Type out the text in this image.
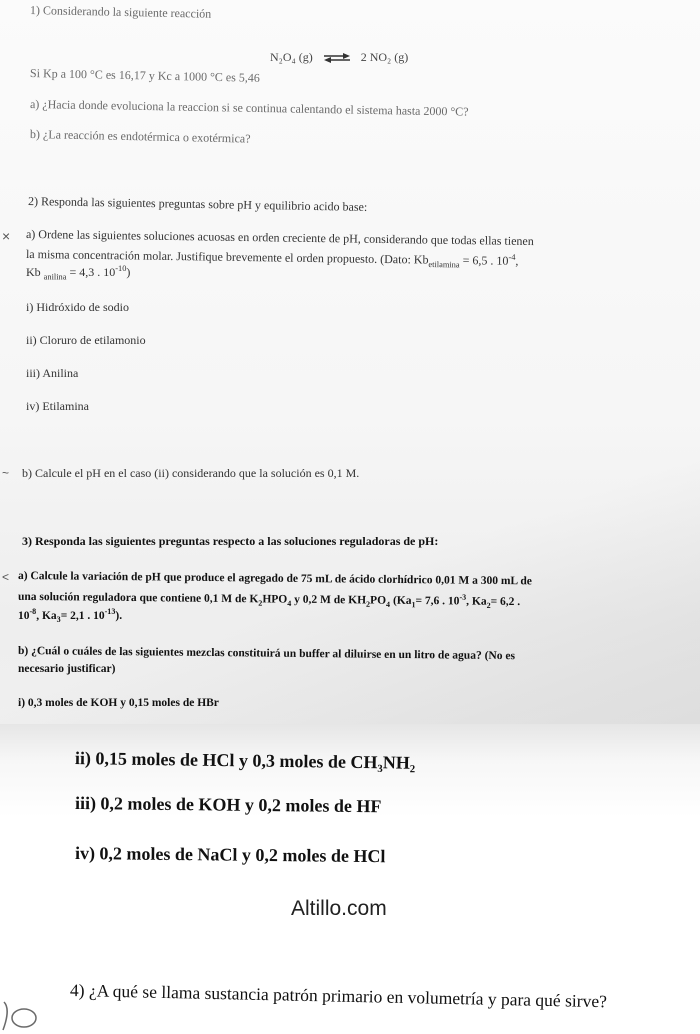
1) Considerando la siguiente reacción
N₂O₄ (g) ⇌ 2 NO₂ (g)
Si Kp a 100 °C es 16,17 y Kc a 1000 °C es 5,46
a) ¿Hacia donde evoluciona la reaccion si se continua calentando el sistema hasta 2000 °C?
b) ¿La reacción es endotérmica o exotérmica?
2) Responda las siguientes preguntas sobre pH y equilibrio acido base:
× a) Ordene las siguientes soluciones acuosas en orden creciente de pH, considerando que todas ellas tienen
la misma concentración molar. Justifique brevemente el orden propuesto. (Dato: $Kb_{etilamina} = 6,5$ . $10^{-4}$,
Kb $_{anilina}$ = 4,3 . $10^{-10}$)
i) Hidróxido de sodio
ii) Cloruro de etilamonio
iii) Anilina
iv) Etilamina
~ b) Calcule el pH en el caso (ii) considerando que la solución es 0,1 M.
3) Responda las siguientes preguntas respecto a las soluciones reguladoras de pH:
< a) Calcule la variación de pH que produce el agregado de 75 mL de ácido clorhídrico 0,01 M a 300 mL de
una solución reguladora que contiene 0,1 M de $K_2HPO_4$ y 0,2 M de $KH_2PO_4$ ($Ka_1= 7,6$ . $10^{-3}$, $Ka_2= 6,2$ .
$10^{-8}$, $Ka_3= 2,1$ . $10^{-13}$).
b) ¿Cuál o cuáles de las siguientes mezclas constituirá un buffer al diluirse en un litro de agua? (No es
necesario justificar)
i) 0,3 moles de KOH y 0,15 moles de HBr
ii) 0,15 moles de HCl y 0,3 moles de CH₃NH₂
iii) 0,2 moles de KOH y 0,2 moles de HF
iv) 0,2 moles de NaCl y 0,2 moles de HCl
Altillo.com
4) ¿A qué se llama sustancia patrón primario en volumetría y para qué sirve?
